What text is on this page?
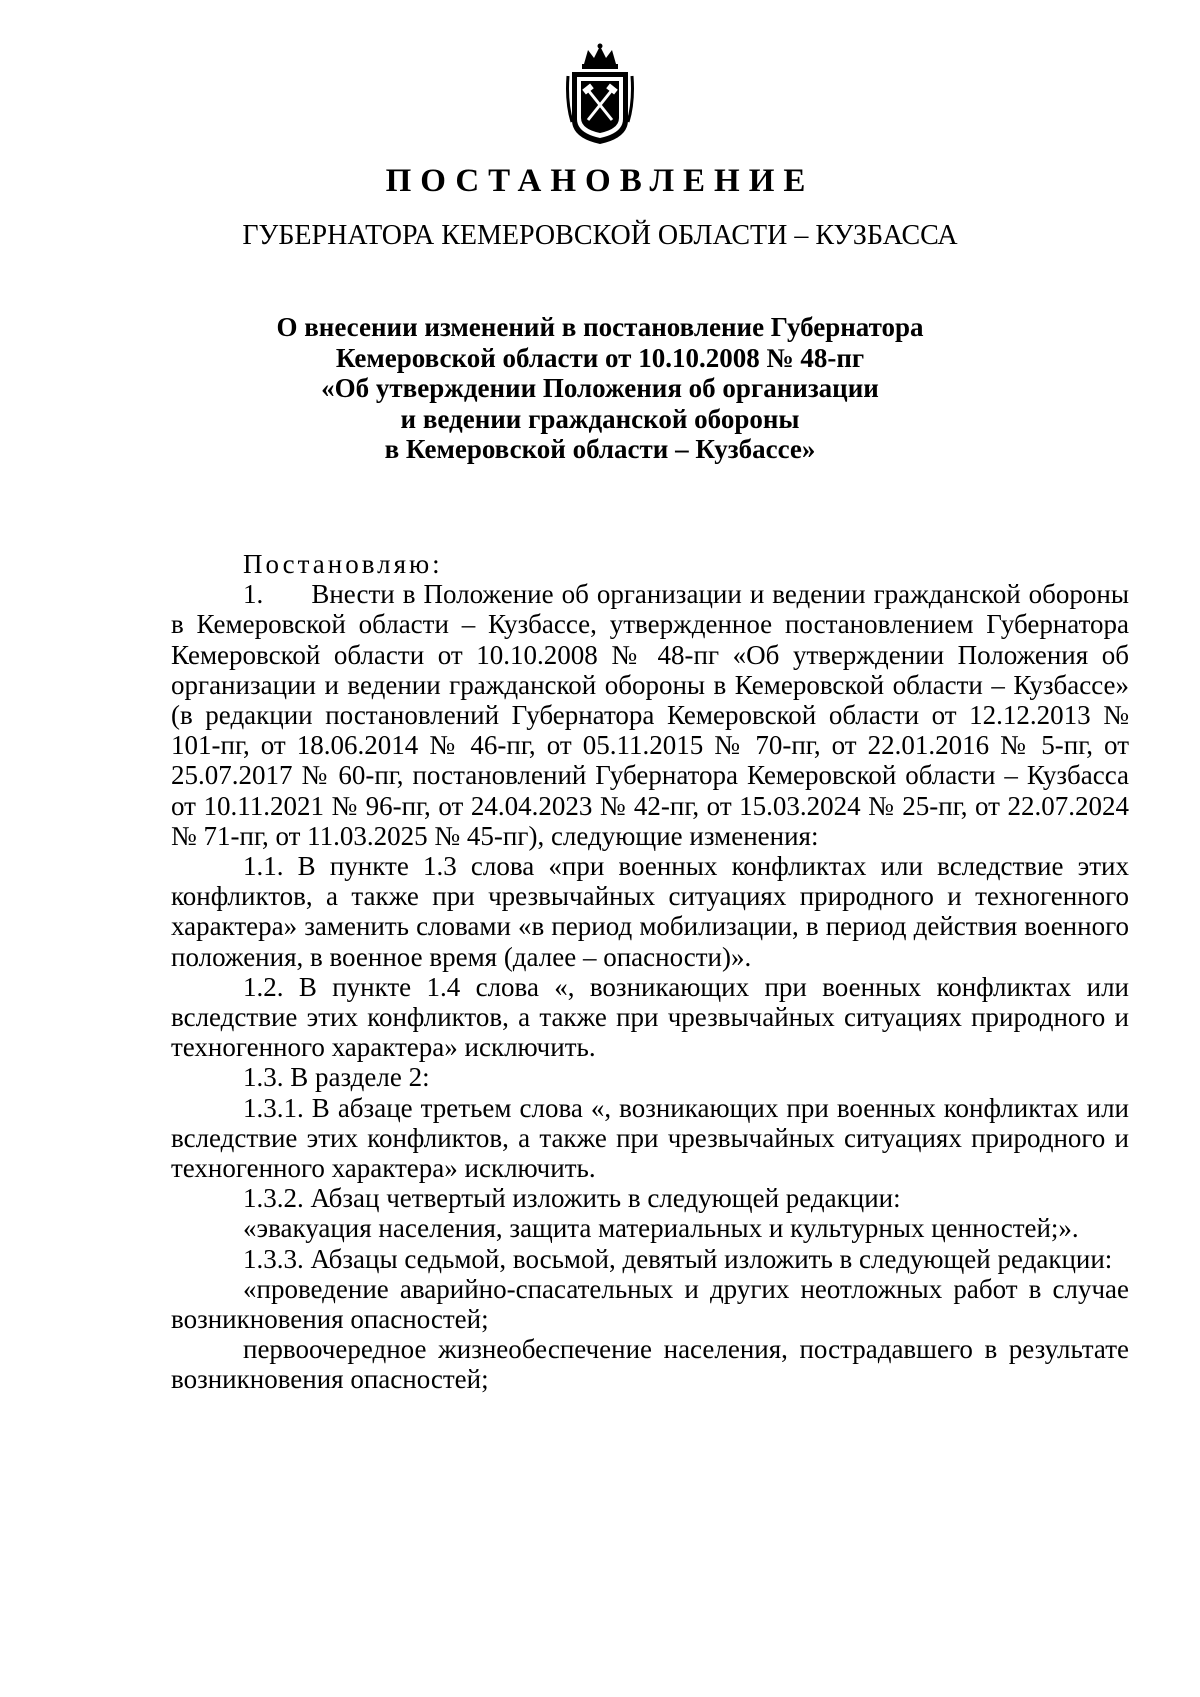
ПОСТАНОВЛЕНИЕ
ГУБЕРНАТОРА КЕМЕРОВСКОЙ ОБЛАСТИ – КУЗБАССА
О внесении изменений в постановление Губернатора
Кемеровской области от 10.10.2008 № 48-пг
«Об утверждении Положения об организации
и ведении гражданской обороны
в Кемеровской области – Кузбассе»

Постановляю:

1.      Внести в Положение об организации и ведении гражданской обороны в Кемеровской области – Кузбассе, утвержденное постановлением Губернатора Кемеровской области от 10.10.2008 № 48-пг «Об утверждении Положения об организации и ведении гражданской обороны в Кемеровской области – Кузбассе» (в редакции постановлений Губернатора Кемеровской области от 12.12.2013 № 101-пг, от 18.06.2014 № 46-пг, от 05.11.2015 № 70-пг, от 22.01.2016 № 5-пг, от 25.07.2017 № 60-пг, постановлений Губернатора Кемеровской области – Кузбасса от 10.11.2021 № 96-пг, от 24.04.2023 № 42-пг, от 15.03.2024 № 25-пг, от 22.07.2024 № 71-пг, от 11.03.2025 № 45-пг), следующие изменения:

1.1. В пункте 1.3 слова «при военных конфликтах или вследствие этих конфликтов, а также при чрезвычайных ситуациях природного и техногенного характера» заменить словами «в период мобилизации, в период действия военного положения, в военное время (далее – опасности)».

1.2. В пункте 1.4 слова «, возникающих при военных конфликтах или вследствие этих конфликтов, а также при чрезвычайных ситуациях природного и техногенного характера» исключить.

1.3. В разделе 2:

1.3.1. В абзаце третьем слова «, возникающих при военных конфликтах или вследствие этих конфликтов, а также при чрезвычайных ситуациях природного и техногенного характера» исключить.

1.3.2. Абзац четвертый изложить в следующей редакции:

«эвакуация населения, защита материальных и культурных ценностей;».

1.3.3. Абзацы седьмой, восьмой, девятый изложить в следующей редакции:

«проведение аварийно-спасательных и других неотложных работ в случае возникновения опасностей;

первоочередное жизнеобеспечение населения, пострадавшего в результате возникновения опасностей;
